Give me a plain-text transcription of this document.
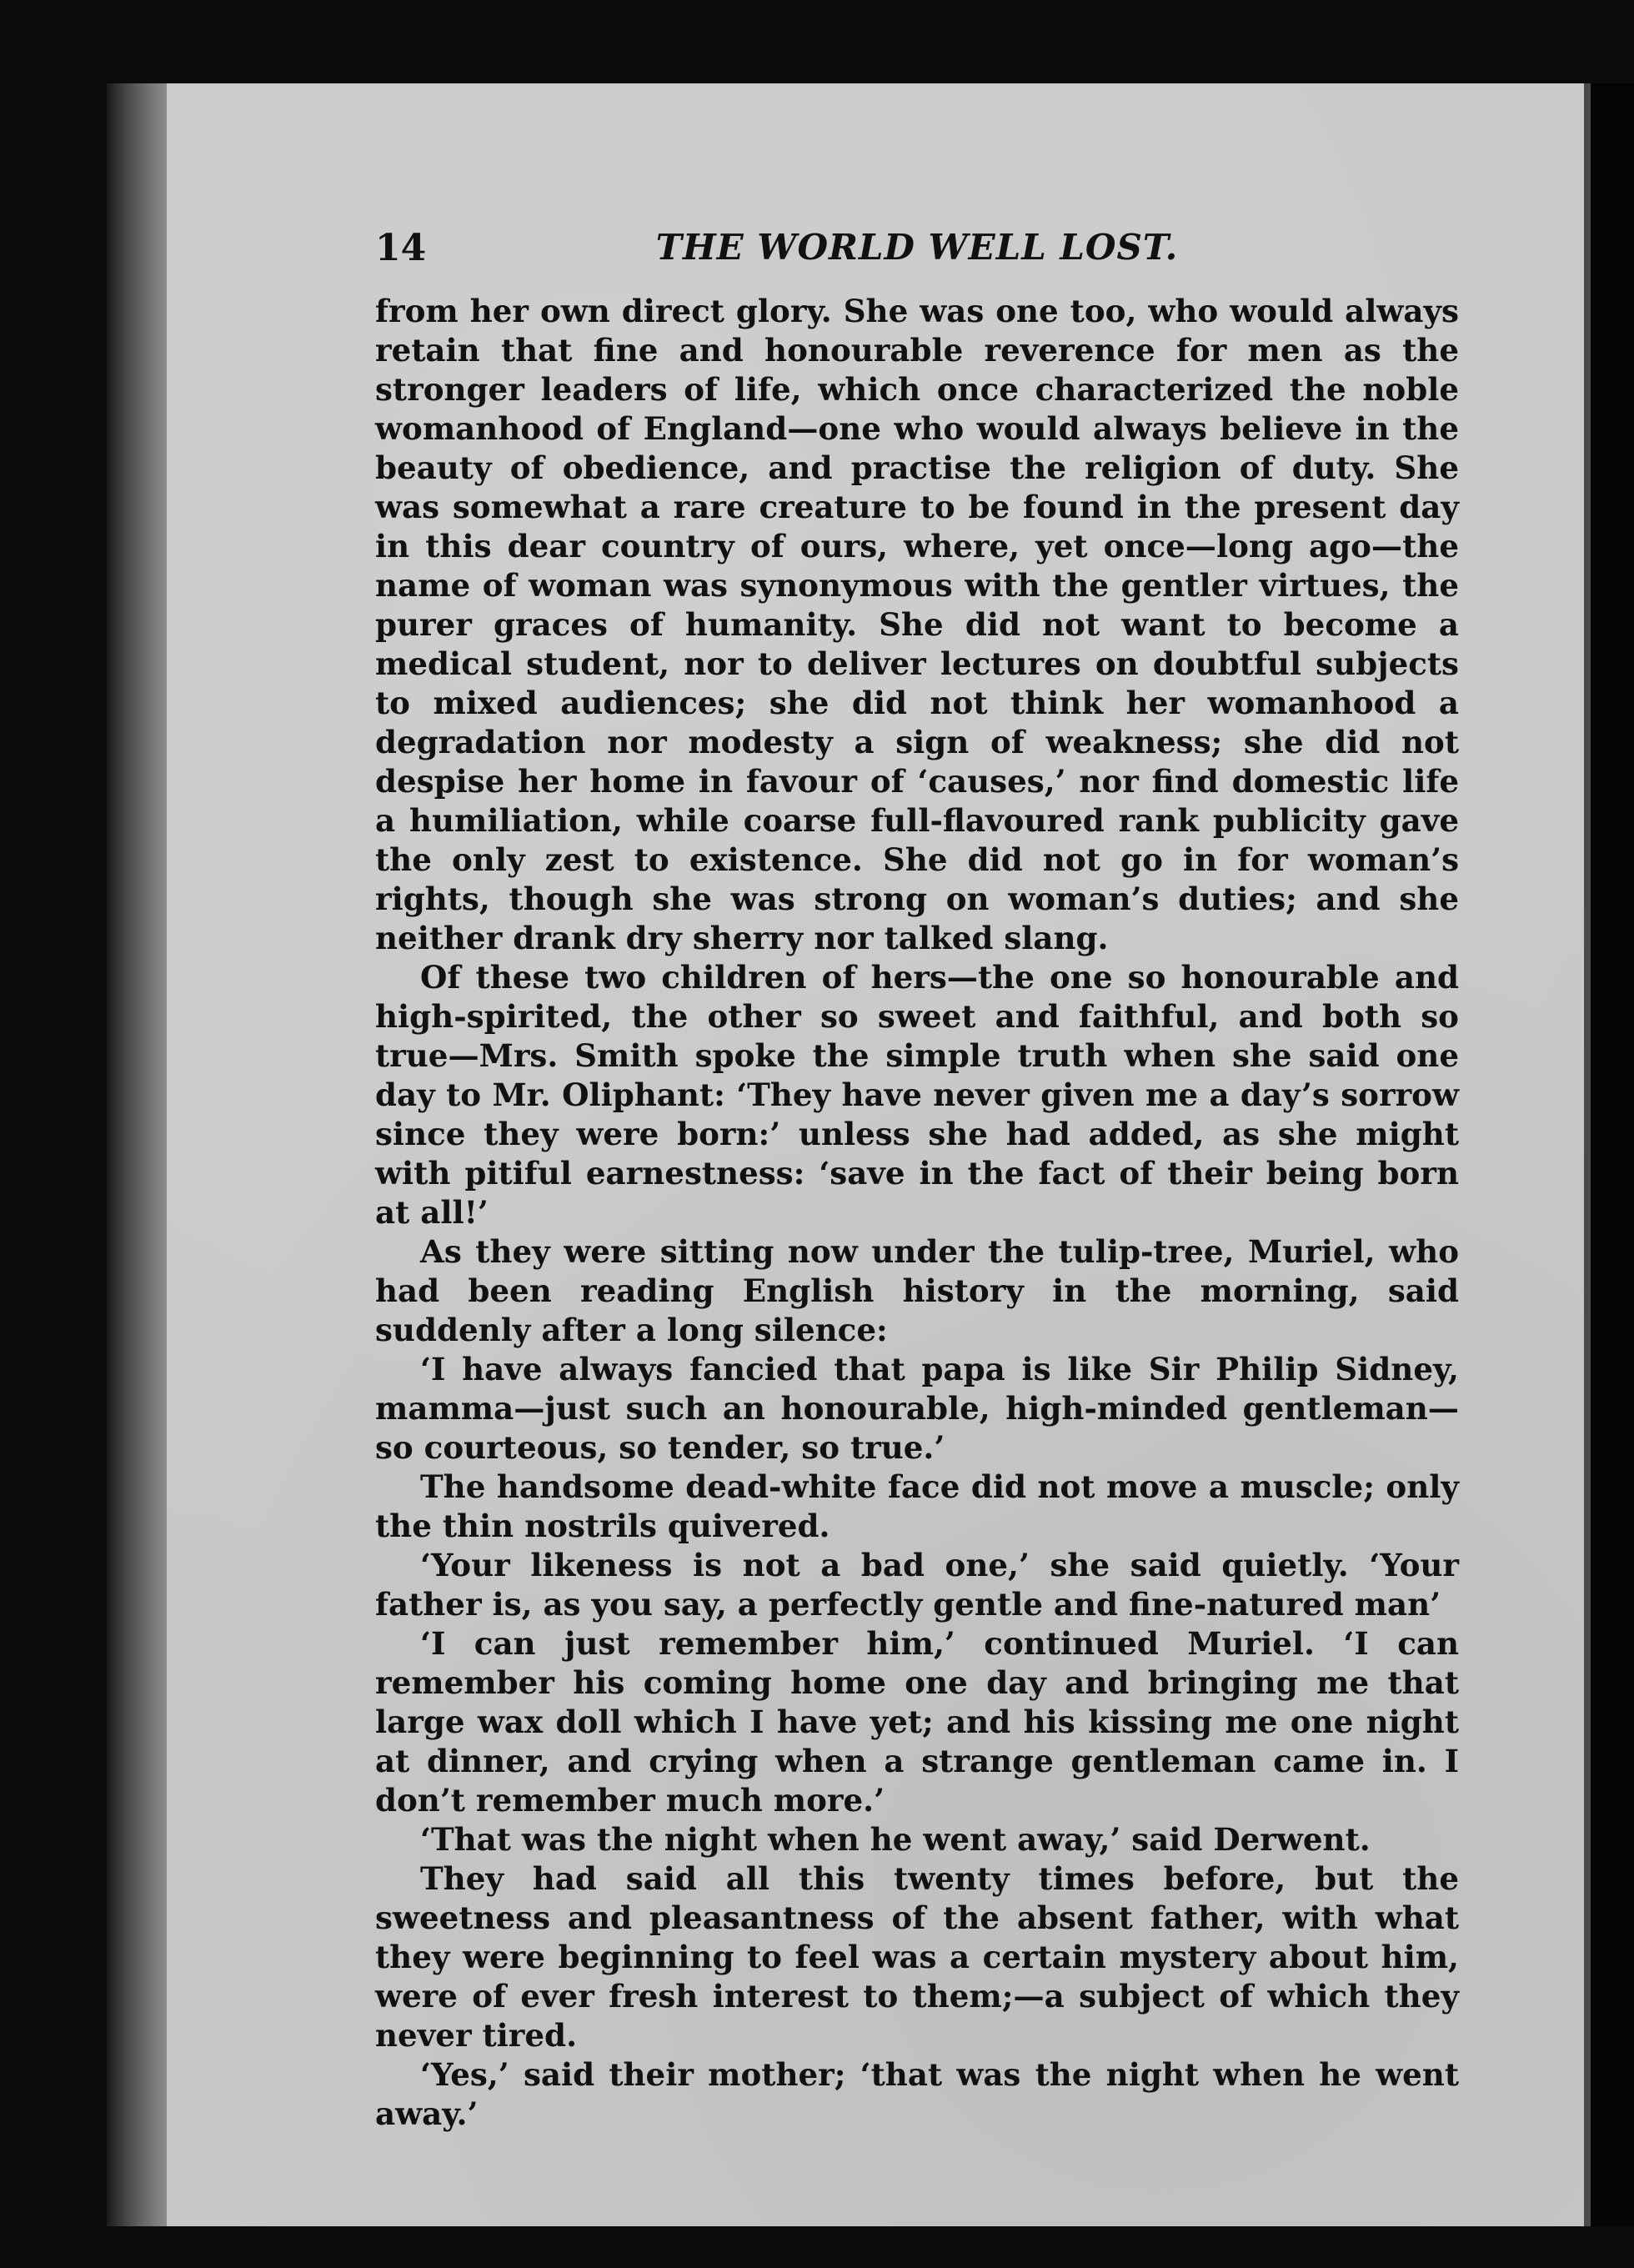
14	THE WORLD WELL LOST.

from her own direct glory. She was one too, who would always retain that fine and honourable reverence for men as the stronger leaders of life, which once characterized the noble womanhood of England—one who would always believe in the beauty of obedience, and practise the religion of duty. She was somewhat a rare creature to be found in the present day in this dear country of ours, where, yet once—long ago—the name of woman was synonymous with the gentler virtues, the purer graces of humanity. She did not want to become a medical student, nor to deliver lectures on doubtful subjects to mixed audiences; she did not think her womanhood a degradation nor modesty a sign of weakness; she did not despise her home in favour of ‘causes,’ nor find domestic life a humiliation, while coarse full-flavoured rank publicity gave the only zest to existence. She did not go in for woman’s rights, though she was strong on woman’s duties; and she neither drank dry sherry nor talked slang.

Of these two children of hers—the one so honourable and high-spirited, the other so sweet and faithful, and both so true—Mrs. Smith spoke the simple truth when she said one day to Mr. Oliphant: ‘They have never given me a day’s sorrow since they were born:’ unless she had added, as she might with pitiful earnestness: ‘save in the fact of their being born at all!’

As they were sitting now under the tulip-tree, Muriel, who had been reading English history in the morning, said suddenly after a long silence:

‘I have always fancied that papa is like Sir Philip Sidney, mamma—just such an honourable, high-minded gentleman—so courteous, so tender, so true.’

The handsome dead-white face did not move a muscle; only the thin nostrils quivered.

‘Your likeness is not a bad one,’ she said quietly. ‘Your father is, as you say, a perfectly gentle and fine-natured man’

‘I can just remember him,’ continued Muriel. ‘I can remember his coming home one day and bringing me that large wax doll which I have yet; and his kissing me one night at dinner, and crying when a strange gentleman came in. I don’t remember much more.’

‘That was the night when he went away,’ said Derwent.

They had said all this twenty times before, but the sweetness and pleasantness of the absent father, with what they were beginning to feel was a certain mystery about him, were of ever fresh interest to them;—a subject of which they never tired.

‘Yes,’ said their mother; ‘that was the night when he went away.’
